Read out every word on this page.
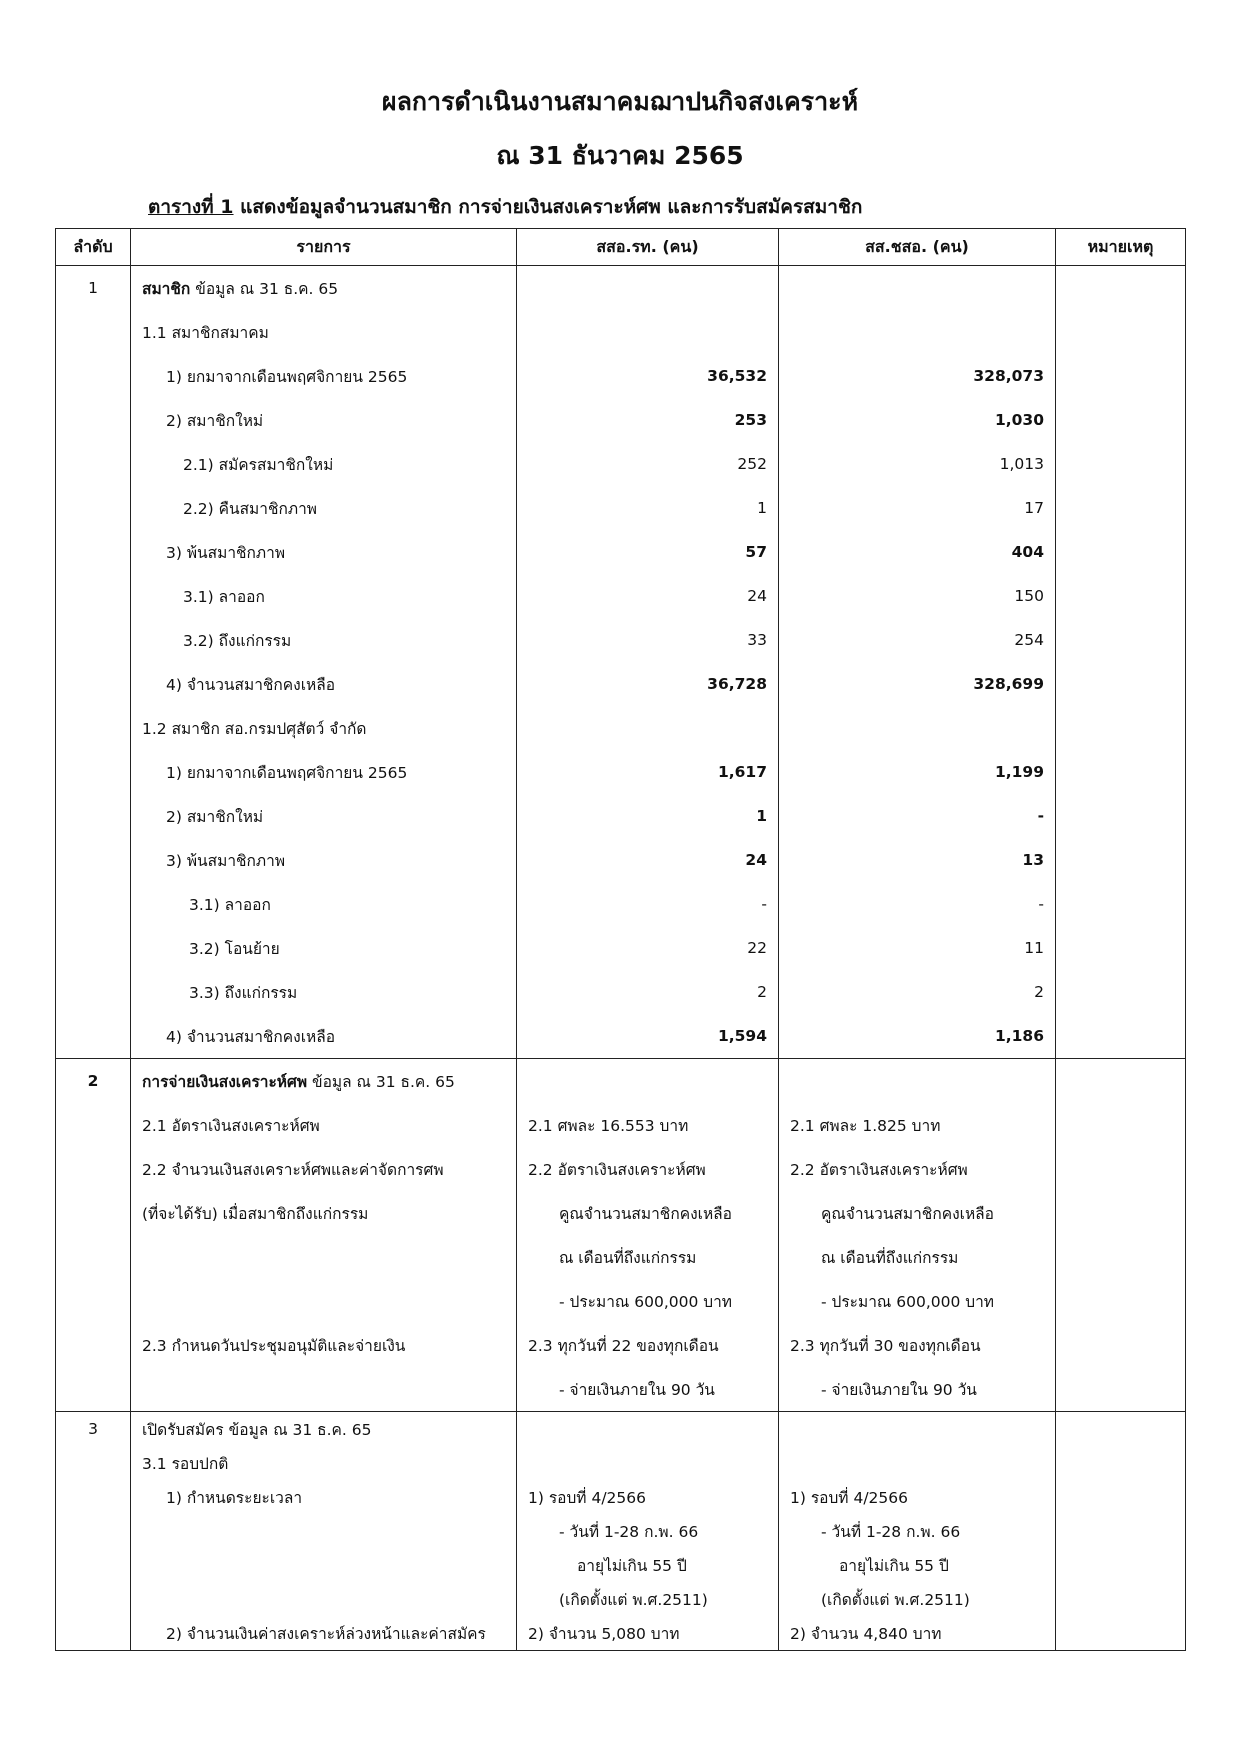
ผลการดำเนินงานสมาคมฌาปนกิจสงเคราะห์
ณ 31 ธันวาคม 2565
ตารางที่ 1 แสดงข้อมูลจำนวนสมาชิก การจ่ายเงินสงเคราะห์ศพ และการรับสมัครสมาชิก
ลำดับ	รายการ	สสอ.รท. (คน)	สส.ชสอ. (คน)	หมายเหตุ
1	สมาชิก ข้อมูล ณ 31 ธ.ค. 65			
	1.1 สมาชิกสมาคม			
	1) ยกมาจากเดือนพฤศจิกายน 2565	36,532	328,073	
	2) สมาชิกใหม่	253	1,030	
	2.1) สมัครสมาชิกใหม่	252	1,013	
	2.2) คืนสมาชิกภาพ	1	17	
	3) พ้นสมาชิกภาพ	57	404	
	3.1) ลาออก	24	150	
	3.2) ถึงแก่กรรม	33	254	
	4) จำนวนสมาชิกคงเหลือ	36,728	328,699	
	1.2 สมาชิก สอ.กรมปศุสัตว์ จำกัด			
	1) ยกมาจากเดือนพฤศจิกายน 2565	1,617	1,199	
	2) สมาชิกใหม่	1	-	
	3) พ้นสมาชิกภาพ	24	13	
	3.1) ลาออก	-	-	
	3.2) โอนย้าย	22	11	
	3.3) ถึงแก่กรรม	2	2	
	4) จำนวนสมาชิกคงเหลือ	1,594	1,186	
2	การจ่ายเงินสงเคราะห์ศพ ข้อมูล ณ 31 ธ.ค. 65			
	2.1 อัตราเงินสงเคราะห์ศพ	2.1 ศพละ 16.553 บาท	2.1 ศพละ 1.825 บาท	
	2.2 จำนวนเงินสงเคราะห์ศพและค่าจัดการศพ	2.2 อัตราเงินสงเคราะห์ศพ	2.2 อัตราเงินสงเคราะห์ศพ	
	(ที่จะได้รับ) เมื่อสมาชิกถึงแก่กรรม	คูณจำนวนสมาชิกคงเหลือ	คูณจำนวนสมาชิกคงเหลือ	
		ณ เดือนที่ถึงแก่กรรม	ณ เดือนที่ถึงแก่กรรม	
		- ประมาณ 600,000 บาท	- ประมาณ 600,000 บาท	
	2.3 กำหนดวันประชุมอนุมัติและจ่ายเงิน	2.3 ทุกวันที่ 22 ของทุกเดือน	2.3 ทุกวันที่ 30 ของทุกเดือน	
		- จ่ายเงินภายใน 90 วัน	- จ่ายเงินภายใน 90 วัน	
3	เปิดรับสมัคร ข้อมูล ณ 31 ธ.ค. 65			
	3.1 รอบปกติ			
	1) กำหนดระยะเวลา	1) รอบที่ 4/2566	1) รอบที่ 4/2566	
		- วันที่ 1-28 ก.พ. 66	- วันที่ 1-28 ก.พ. 66	
		อายุไม่เกิน 55 ปี	อายุไม่เกิน 55 ปี	
		(เกิดตั้งแต่ พ.ศ.2511)	(เกิดตั้งแต่ พ.ศ.2511)	
	2) จำนวนเงินค่าสงเคราะห์ล่วงหน้าและค่าสมัคร	2) จำนวน 5,080 บาท	2) จำนวน 4,840 บาท	
